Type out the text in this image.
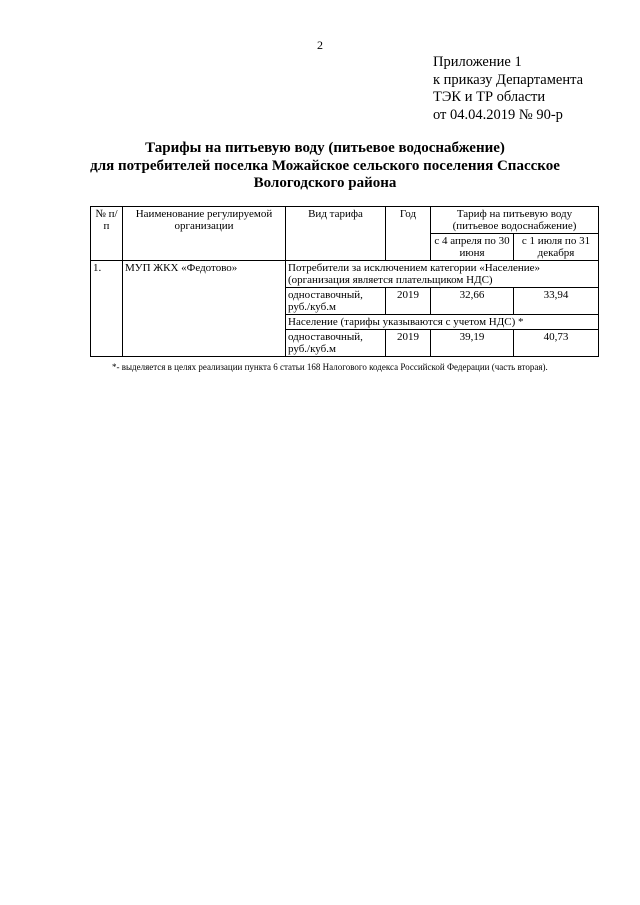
2
Приложение 1
к приказу Департамента
ТЭК и ТР области
от 04.04.2019 № 90-р
Тарифы на питьевую воду (питьевое водоснабжение)
для потребителей поселка Можайское сельского поселения Спасское
Вологодского района
№ п/п	Наименование регулируемой организации	Вид тарифа	Год	Тариф на питьевую воду (питьевое водоснабжение)	
				с 4 апреля по 30 июня	с 1 июля по 31 декабря
1.	МУП ЖКХ «Федотово»	Потребители за исключением категории «Население» (организация является плательщиком НДС)			
		одноставочный, руб./куб.м	2019	32,66	33,94
		Население (тарифы указываются с учетом НДС) *			
		одноставочный, руб./куб.м	2019	39,19	40,73
*- выделяется в целях реализации пункта 6 статьи 168 Налогового кодекса Российской Федерации (часть вторая).
